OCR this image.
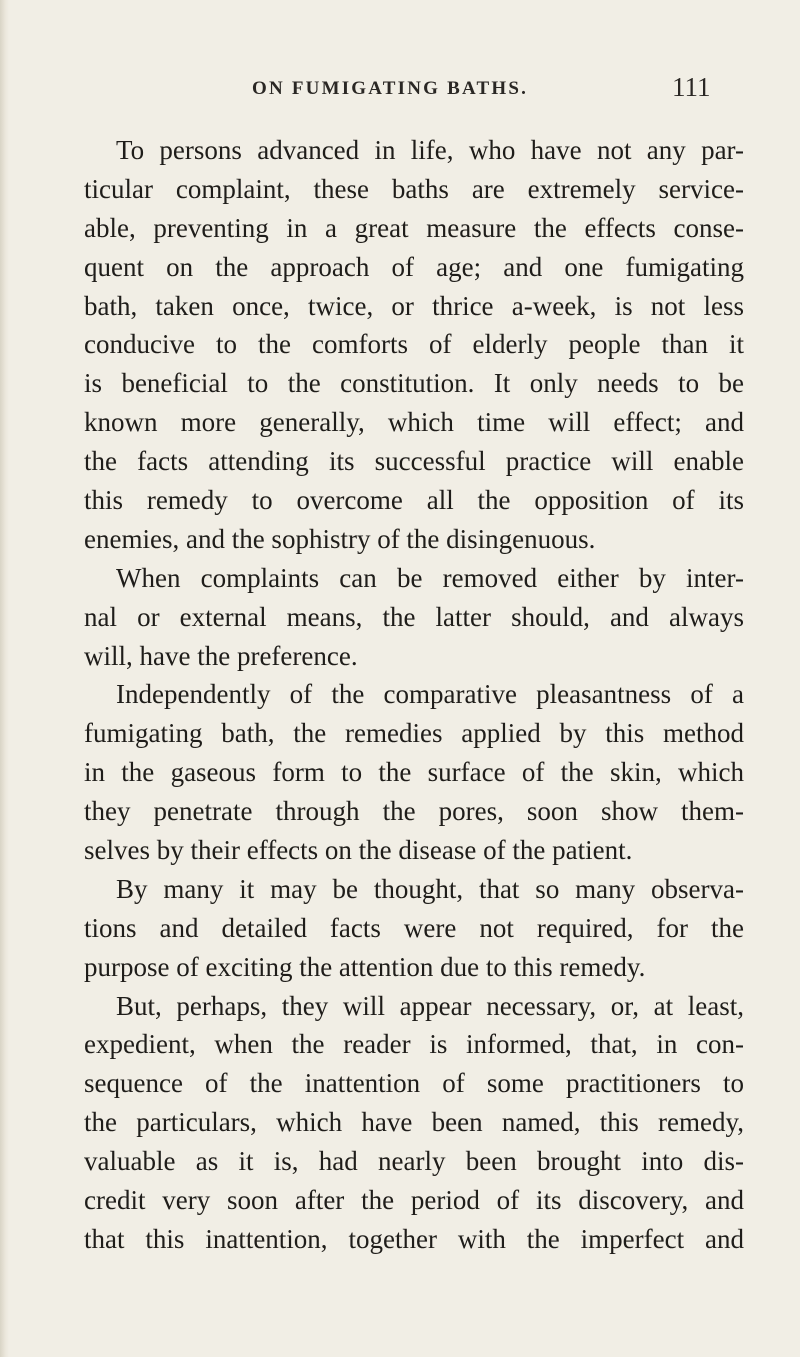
ON FUMIGATING BATHS.	111
To persons advanced in life, who have not any par-
ticular complaint, these baths are extremely service-
able, preventing in a great measure the effects conse-
quent on the approach of age; and one fumigating
bath, taken once, twice, or thrice a-week, is not less
conducive to the comforts of elderly people than it
is beneficial to the constitution. It only needs to be
known more generally, which time will effect; and
the facts attending its successful practice will enable
this remedy to overcome all the opposition of its
enemies, and the sophistry of the disingenuous.
When complaints can be removed either by inter-
nal or external means, the latter should, and always
will, have the preference.
Independently of the comparative pleasantness of a
fumigating bath, the remedies applied by this method
in the gaseous form to the surface of the skin, which
they penetrate through the pores, soon show them-
selves by their effects on the disease of the patient.
By many it may be thought, that so many observa-
tions and detailed facts were not required, for the
purpose of exciting the attention due to this remedy.
But, perhaps, they will appear necessary, or, at least,
expedient, when the reader is informed, that, in con-
sequence of the inattention of some practitioners to
the particulars, which have been named, this remedy,
valuable as it is, had nearly been brought into dis-
credit very soon after the period of its discovery, and
that this inattention, together with the imperfect and
